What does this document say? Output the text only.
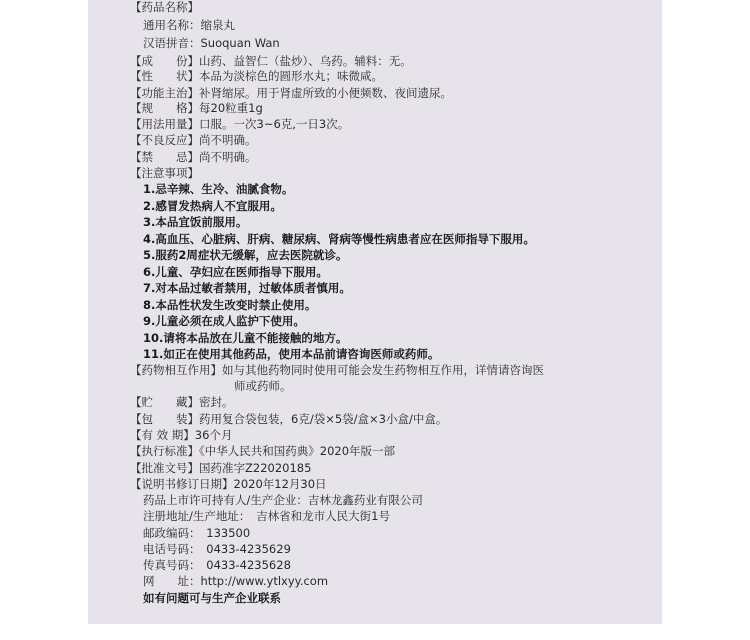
【药品名称】
通用名称：缩泉丸
汉语拼音：Suoquan Wan
【成　　份】山药、益智仁（盐炒）、乌药。辅料：无。
【性　　状】本品为淡棕色的圆形水丸；味微咸。
【功能主治】补肾缩尿。用于肾虚所致的小便频数、夜间遗尿。
【规　　格】每20粒重1g
【用法用量】口服。一次3~6克,一日3次。
【不良反应】尚不明确。
【禁　　忌】尚不明确。
【注意事项】
1.忌辛辣、生冷、油腻食物。
2.感冒发热病人不宜服用。
3.本品宜饭前服用。
4.高血压、心脏病、肝病、糖尿病、肾病等慢性病患者应在医师指导下服用。
5.服药2周症状无缓解，应去医院就诊。
6.儿童、孕妇应在医师指导下服用。
7.对本品过敏者禁用，过敏体质者慎用。
8.本品性状发生改变时禁止使用。
9.儿童必须在成人监护下使用。
10.请将本品放在儿童不能接触的地方。
11.如正在使用其他药品，使用本品前请咨询医师或药师。
【药物相互作用】如与其他药物同时使用可能会发生药物相互作用，详情请咨询医
师或药师。
【贮　　藏】密封。
【包　　装】药用复合袋包装，6克/袋×5袋/盒×3小盒/中盒。
【有 效 期】36个月
【执行标准】《中华人民共和国药典》2020年版一部
【批准文号】国药准字Z22020185
【说明书修订日期】2020年12月30日
药品上市许可持有人/生产企业：吉林龙鑫药业有限公司
注册地址/生产地址：　吉林省和龙市人民大街1号
邮政编码：　133500
电话号码：　0433-4235629
传真号码：　0433-4235628
网　　址：http://www.ytlxyy.com
如有问题可与生产企业联系
